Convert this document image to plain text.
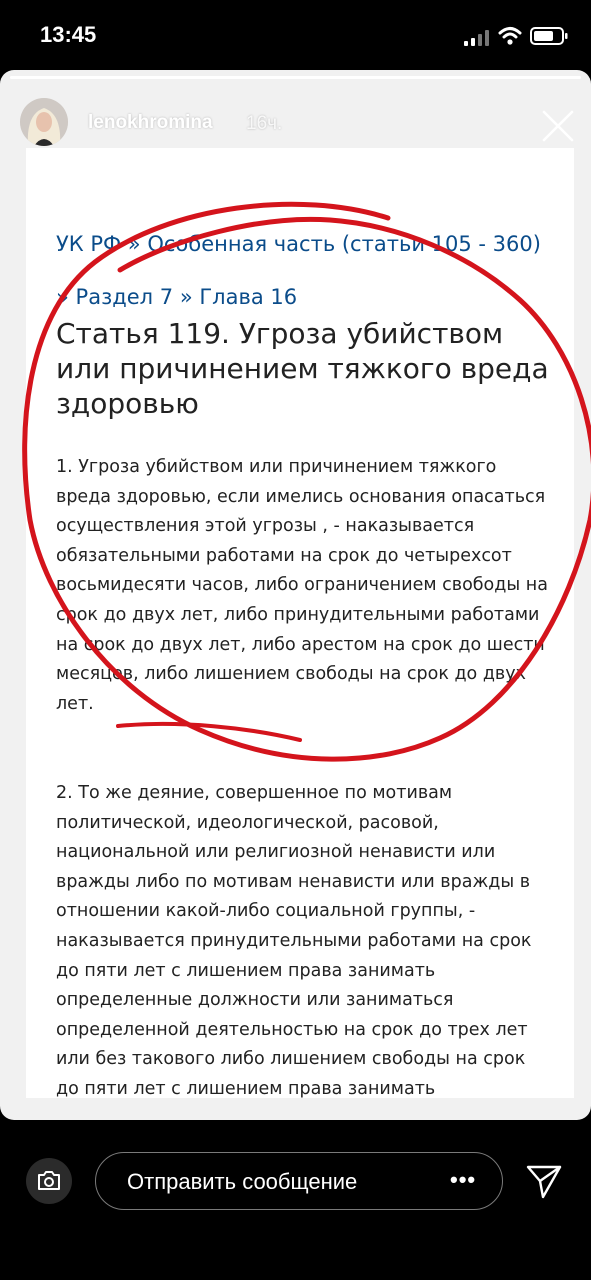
13:45
УК РФ » Особенная часть (статьи 105 - 360) » Раздел 7 » Глава 16
Статья 119. Угроза убийством или причинением тяжкого вреда здоровью

1. Угроза убийством или причинением тяжкого вреда здоровью, если имелись основания опасаться осуществления этой угрозы , - наказывается обязательными работами на срок до четырехсот восьмидесяти часов, либо ограничением свободы на срок до двух лет, либо принудительными работами на срок до двух лет, либо арестом на срок до шести месяцев, либо лишением свободы на срок до двух лет.

2. То же деяние, совершенное по мотивам политической, идеологической, расовой, национальной или религиозной ненависти или вражды либо по мотивам ненависти или вражды в отношении какой-либо социальной группы, - наказывается принудительными работами на срок до пяти лет с лишением права занимать определенные должности или заниматься определенной деятельностью на срок до трех лет или без такового либо лишением свободы на срок до пяти лет с лишением права занимать

lenokhromina 16ч.
Отправить сообщение	•••
